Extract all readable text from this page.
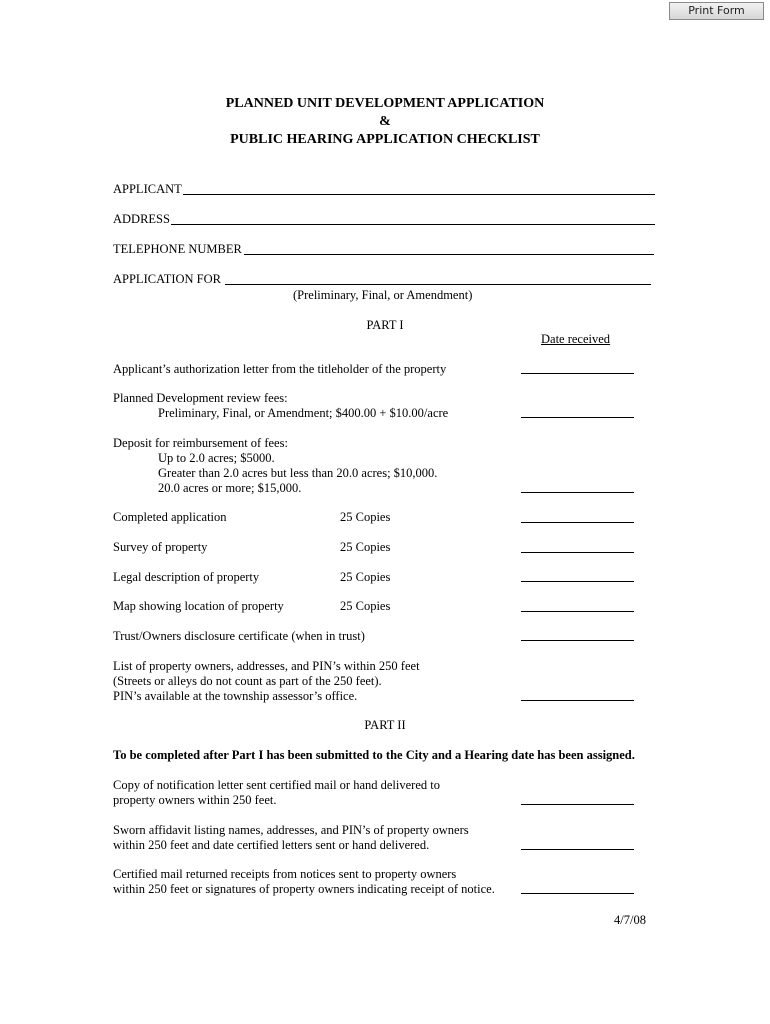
Print Form
PLANNED UNIT DEVELOPMENT APPLICATION
&
PUBLIC HEARING APPLICATION CHECKLIST
APPLICANT
ADDRESS
TELEPHONE NUMBER
APPLICATION FOR
(Preliminary, Final, or Amendment)
PART I
Date received
Applicant’s authorization letter from the titleholder of the property
Planned Development review fees:
Preliminary, Final, or Amendment; $400.00 + $10.00/acre
Deposit for reimbursement of fees:
Up to 2.0 acres; $5000.
Greater than 2.0 acres but less than 20.0 acres; $10,000.
20.0 acres or more; $15,000.
Completed application	25 Copies
Survey of property	25 Copies
Legal description of property	25 Copies
Map showing location of property	25 Copies
Trust/Owners disclosure certificate (when in trust)
List of property owners, addresses, and PIN’s within 250 feet
(Streets or alleys do not count as part of the 250 feet).
PIN’s available at the township assessor’s office.
PART II
To be completed after Part I has been submitted to the City and a Hearing date has been assigned.
Copy of notification letter sent certified mail or hand delivered to
property owners within 250 feet.
Sworn affidavit listing names, addresses, and PIN’s of property owners
within 250 feet and date certified letters sent or hand delivered.
Certified mail returned receipts from notices sent to property owners
within 250 feet or signatures of property owners indicating receipt of notice.
4/7/08
